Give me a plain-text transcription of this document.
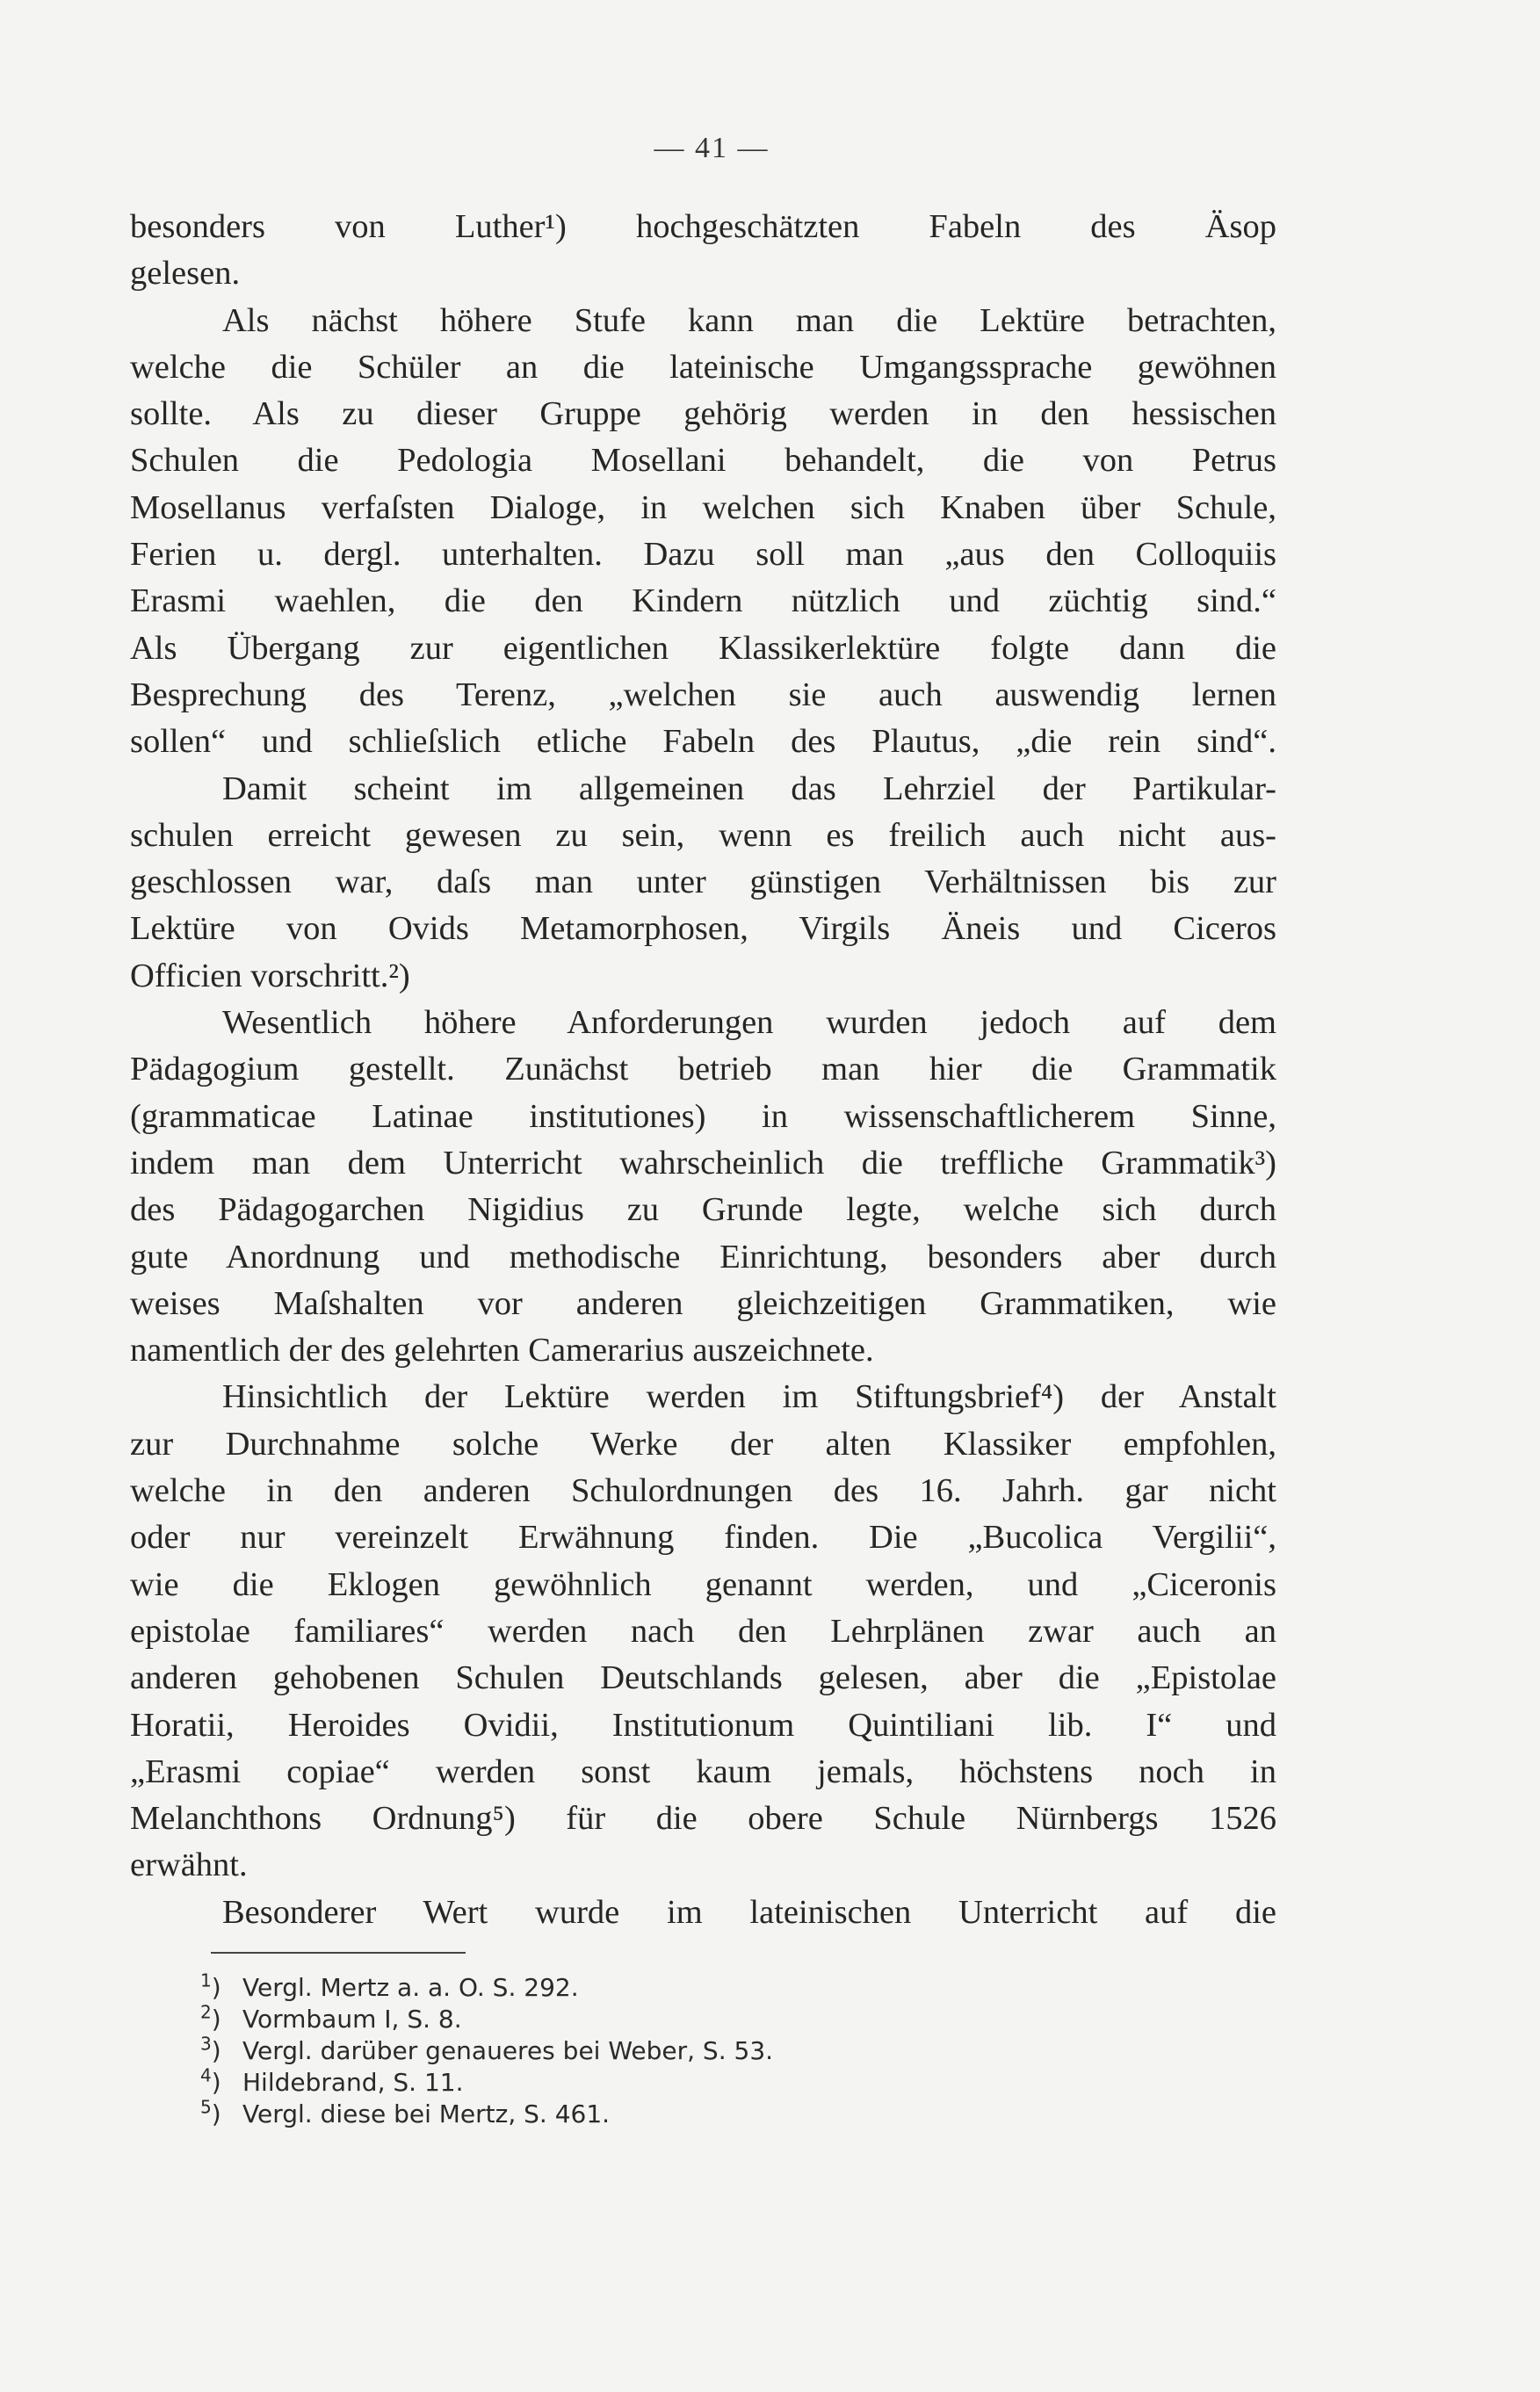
— 41 —

besonders von Luther¹) hochgeschätzten Fabeln des Äsop

gelesen.

Als nächst höhere Stufe kann man die Lektüre betrachten,

welche die Schüler an die lateinische Umgangssprache gewöhnen

sollte. Als zu dieser Gruppe gehörig werden in den hessischen

Schulen die Pedologia Mosellani behandelt, die von Petrus

Mosellanus verfaſsten Dialoge, in welchen sich Knaben über Schule,

Ferien u. dergl. unterhalten. Dazu soll man „aus den Colloquiis

Erasmi waehlen, die den Kindern nützlich und züchtig sind.“

Als Übergang zur eigentlichen Klassikerlektüre folgte dann die

Besprechung des Terenz, „welchen sie auch auswendig lernen

sollen“ und schlieſslich etliche Fabeln des Plautus, „die rein sind“.

Damit scheint im allgemeinen das Lehrziel der Partikular-

schulen erreicht gewesen zu sein, wenn es freilich auch nicht aus-

geschlossen war, daſs man unter günstigen Verhältnissen bis zur

Lektüre von Ovids Metamorphosen, Virgils Äneis und Ciceros

Officien vorschritt.²)

Wesentlich höhere Anforderungen wurden jedoch auf dem

Pädagogium gestellt. Zunächst betrieb man hier die Grammatik

(grammaticae Latinae institutiones) in wissenschaftlicherem Sinne,

indem man dem Unterricht wahrscheinlich die treffliche Grammatik³)

des Pädagogarchen Nigidius zu Grunde legte, welche sich durch

gute Anordnung und methodische Einrichtung, besonders aber durch

weises Maſshalten vor anderen gleichzeitigen Grammatiken, wie

namentlich der des gelehrten Camerarius auszeichnete.

Hinsichtlich der Lektüre werden im Stiftungsbrief⁴) der Anstalt

zur Durchnahme solche Werke der alten Klassiker empfohlen,

welche in den anderen Schulordnungen des 16. Jahrh. gar nicht

oder nur vereinzelt Erwähnung finden. Die „Bucolica Vergilii“,

wie die Eklogen gewöhnlich genannt werden, und „Ciceronis

epistolae familiares“ werden nach den Lehrplänen zwar auch an

anderen gehobenen Schulen Deutschlands gelesen, aber die „Epistolae

Horatii, Heroides Ovidii, Institutionum Quintiliani lib. I“ und

„Erasmi copiae“ werden sonst kaum jemals, höchstens noch in

Melanchthons Ordnung⁵) für die obere Schule Nürnbergs 1526

erwähnt.

Besonderer Wert wurde im lateinischen Unterricht auf die

$^1$) Vergl. Mertz a. a. O. S. 292.
$^2$) Vormbaum I, S. 8.
$^3$) Vergl. darüber genaueres bei Weber, S. 53.
$^4$) Hildebrand, S. 11.
$^5$) Vergl. diese bei Mertz, S. 461.
